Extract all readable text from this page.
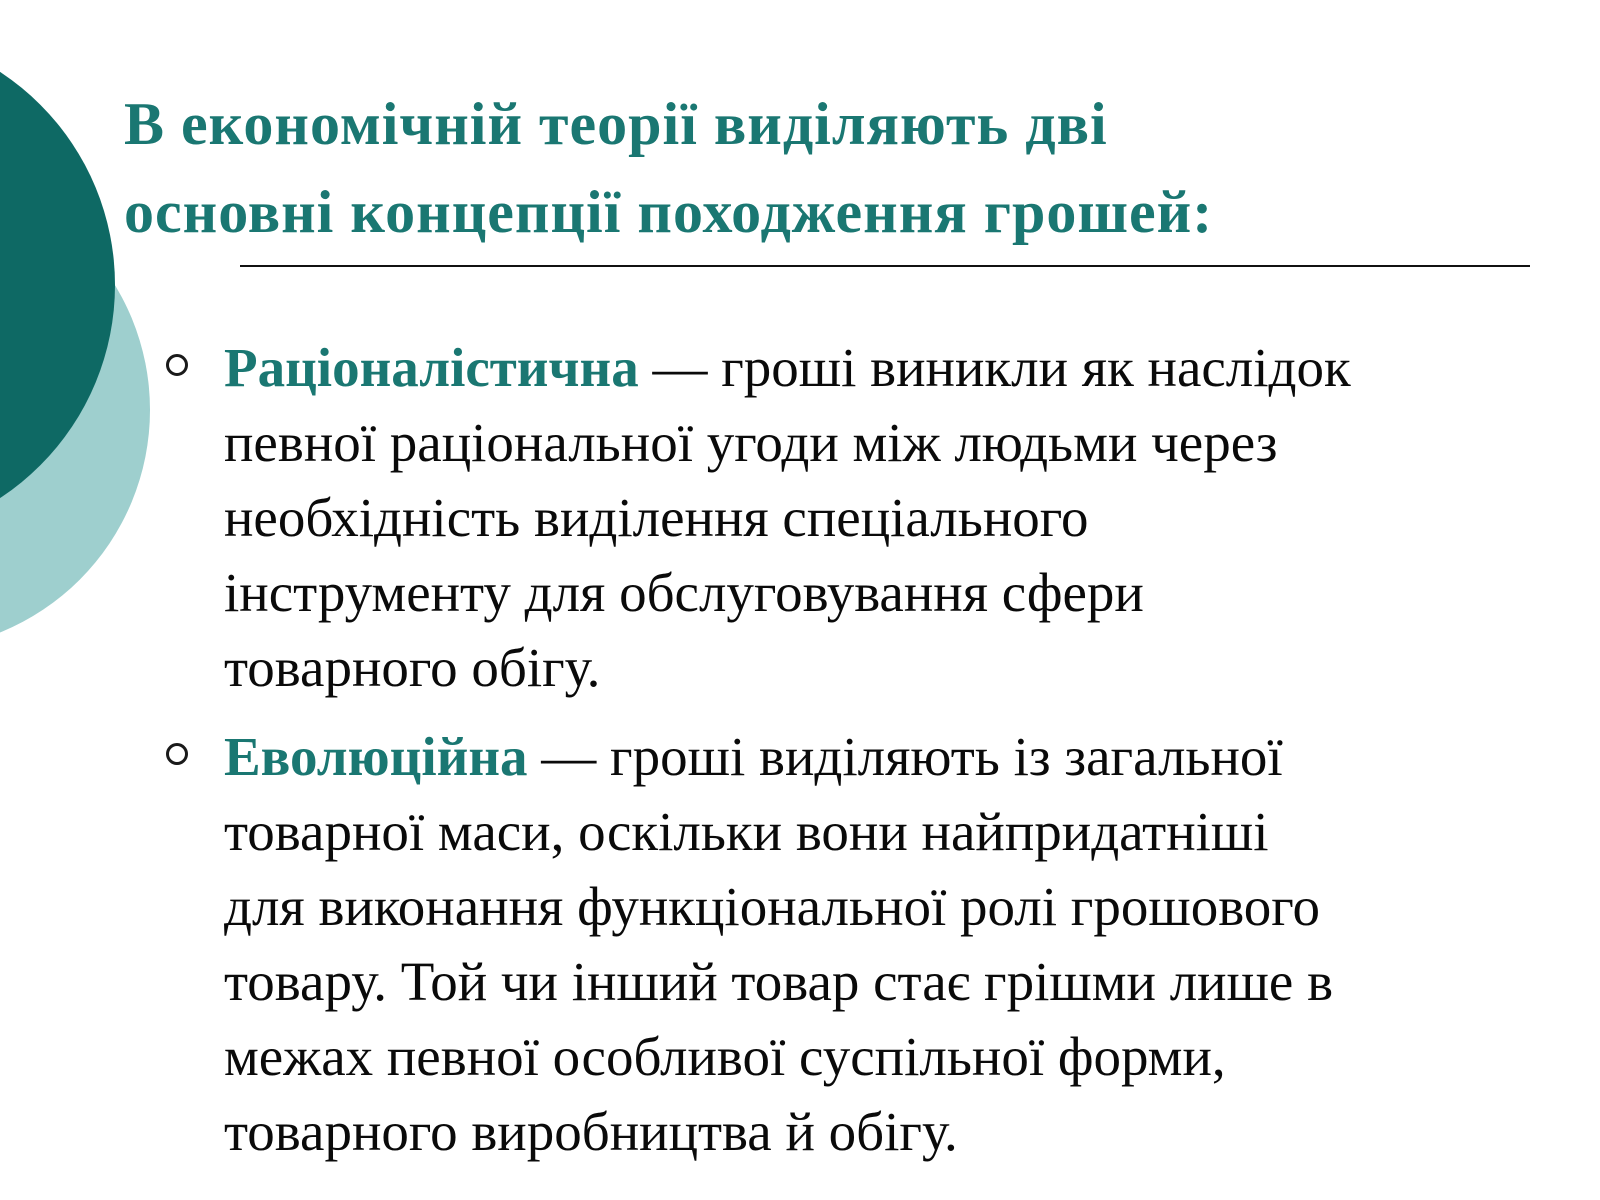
В економічній теорії виділяють дві
основні концепції походження грошей:
Раціоналістична — гроші виникли як наслідок
певної раціональної угоди між людьми через
необхідність виділення спеціального
інструменту для обслуговування сфери
товарного обігу.
Еволюційна — гроші виділяють із загальної
товарної маси, оскільки вони найпридатніші
для виконання функціональної ролі грошового
товару. Той чи інший товар стає грішми лише в
межах певної особливої суспільної форми,
товарного виробництва й обігу.
